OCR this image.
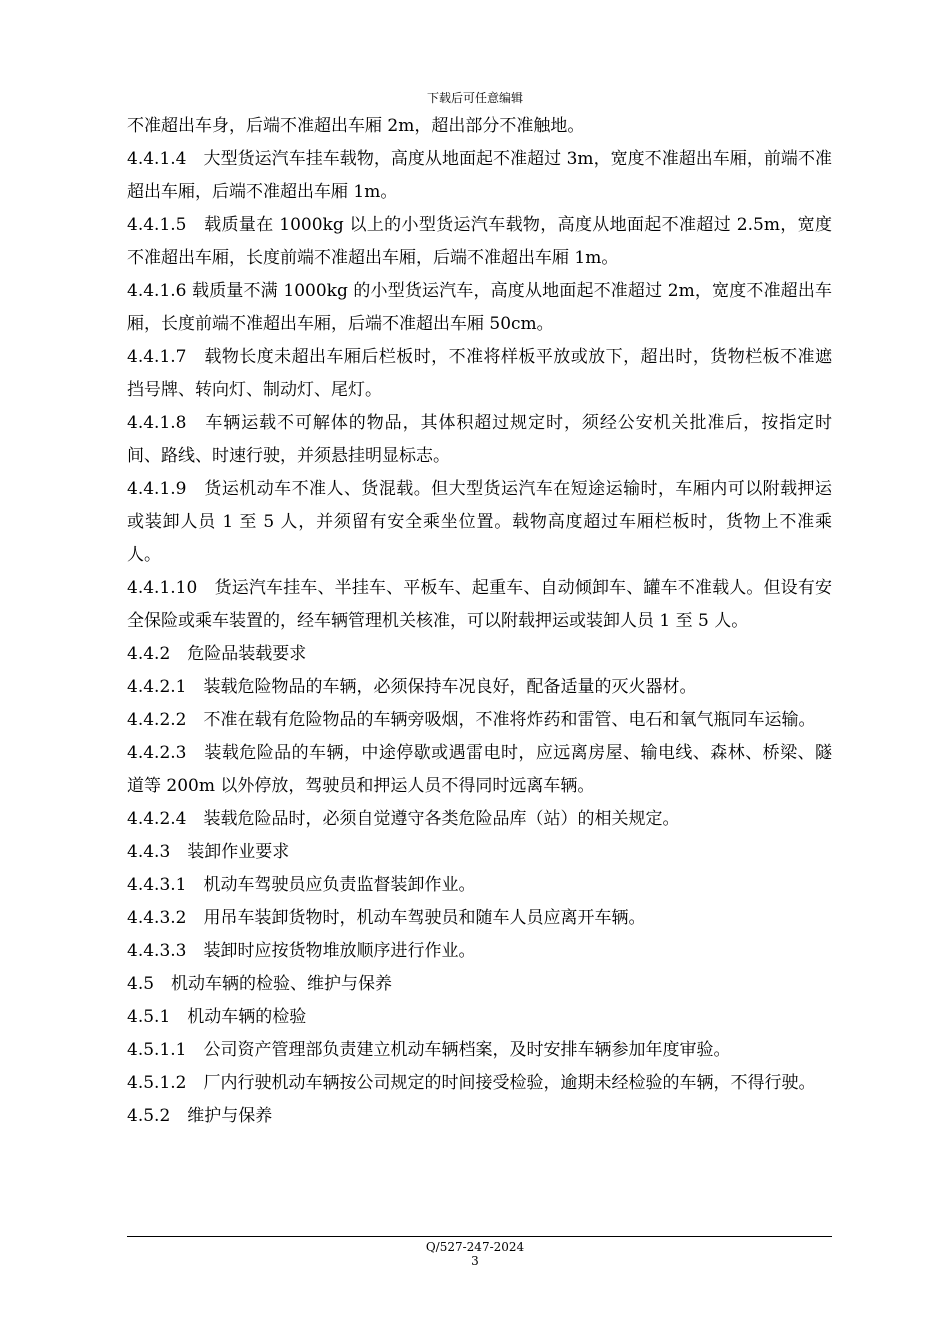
下载后可任意编辑

不准超出车身，后端不准超出车厢 2m，超出部分不准触地。

4.4.1.4　大型货运汽车挂车载物，高度从地面起不准超过 3m，宽度不准超出车厢，前端不准超出车厢，后端不准超出车厢 1m。

4.4.1.5　载质量在 1000kg 以上的小型货运汽车载物，高度从地面起不准超过 2.5m，宽度不准超出车厢，长度前端不准超出车厢，后端不准超出车厢 1m。

4.4.1.6 载质量不满 1000kg 的小型货运汽车，高度从地面起不准超过 2m，宽度不准超出车厢，长度前端不准超出车厢，后端不准超出车厢 50cm。

4.4.1.7　载物长度未超出车厢后栏板时，不准将样板平放或放下，超出时，货物栏板不准遮挡号牌、转向灯、制动灯、尾灯。

4.4.1.8　车辆运载不可解体的物品，其体积超过规定时，须经公安机关批准后，按指定时间、路线、时速行驶，并须悬挂明显标志。

4.4.1.9　货运机动车不准人、货混载。但大型货运汽车在短途运输时，车厢内可以附载押运或装卸人员 1 至 5 人，并须留有安全乘坐位置。载物高度超过车厢栏板时，货物上不准乘人。

4.4.1.10　货运汽车挂车、半挂车、平板车、起重车、自动倾卸车、罐车不准载人。但设有安全保险或乘车装置的，经车辆管理机关核准，可以附载押运或装卸人员 1 至 5 人。

4.4.2　危险品装载要求

4.4.2.1　装载危险物品的车辆，必须保持车况良好，配备适量的灭火器材。

4.4.2.2　不准在载有危险物品的车辆旁吸烟，不准将炸药和雷管、电石和氧气瓶同车运输。

4.4.2.3　装载危险品的车辆，中途停歇或遇雷电时，应远离房屋、输电线、森林、桥梁、隧道等 200m 以外停放，驾驶员和押运人员不得同时远离车辆。

4.4.2.4　装载危险品时，必须自觉遵守各类危险品库（站）的相关规定。

4.4.3　装卸作业要求

4.4.3.1　机动车驾驶员应负责监督装卸作业。

4.4.3.2　用吊车装卸货物时，机动车驾驶员和随车人员应离开车辆。

4.4.3.3　装卸时应按货物堆放顺序进行作业。

4.5　机动车辆的检验、维护与保养

4.5.1　机动车辆的检验

4.5.1.1　公司资产管理部负责建立机动车辆档案，及时安排车辆参加年度审验。

4.5.1.2　厂内行驶机动车辆按公司规定的时间接受检验，逾期未经检验的车辆，不得行驶。

4.5.2　维护与保养

Q/527-247-2024
3
